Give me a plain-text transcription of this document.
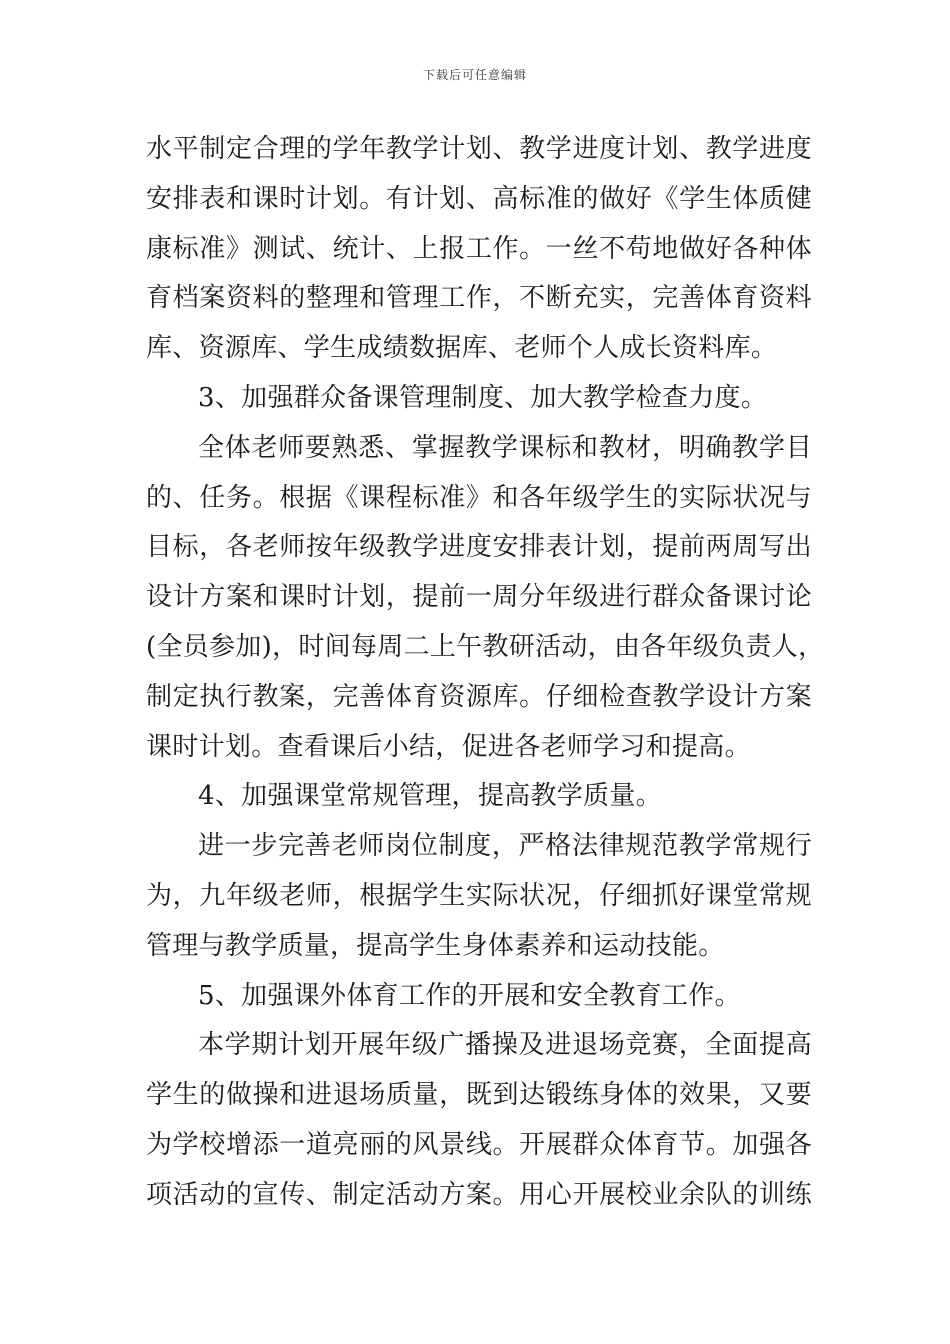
下载后可任意编辑
水平制定合理的学年教学计划、教学进度计划、教学进度
安排表和课时计划。有计划、高标准的做好《学生体质健
康标准》测试、统计、上报工作。一丝不苟地做好各种体
育档案资料的整理和管理工作，不断充实，完善体育资料
库、资源库、学生成绩数据库、老师个人成长资料库。
3、加强群众备课管理制度、加大教学检查力度。
全体老师要熟悉、掌握教学课标和教材，明确教学目
的、任务。根据《课程标准》和各年级学生的实际状况与
目标，各老师按年级教学进度安排表计划，提前两周写出
设计方案和课时计划，提前一周分年级进行群众备课讨论
(全员参加)，时间每周二上午教研活动，由各年级负责人，
制定执行教案，完善体育资源库。仔细检查教学设计方案
课时计划。查看课后小结，促进各老师学习和提高。
4、加强课堂常规管理，提高教学质量。
进一步完善老师岗位制度，严格法律规范教学常规行
为，九年级老师，根据学生实际状况，仔细抓好课堂常规
管理与教学质量，提高学生身体素养和运动技能。
5、加强课外体育工作的开展和安全教育工作。
本学期计划开展年级广播操及进退场竞赛，全面提高
学生的做操和进退场质量，既到达锻练身体的效果，又要
为学校增添一道亮丽的风景线。开展群众体育节。加强各
项活动的宣传、制定活动方案。用心开展校业余队的训练
